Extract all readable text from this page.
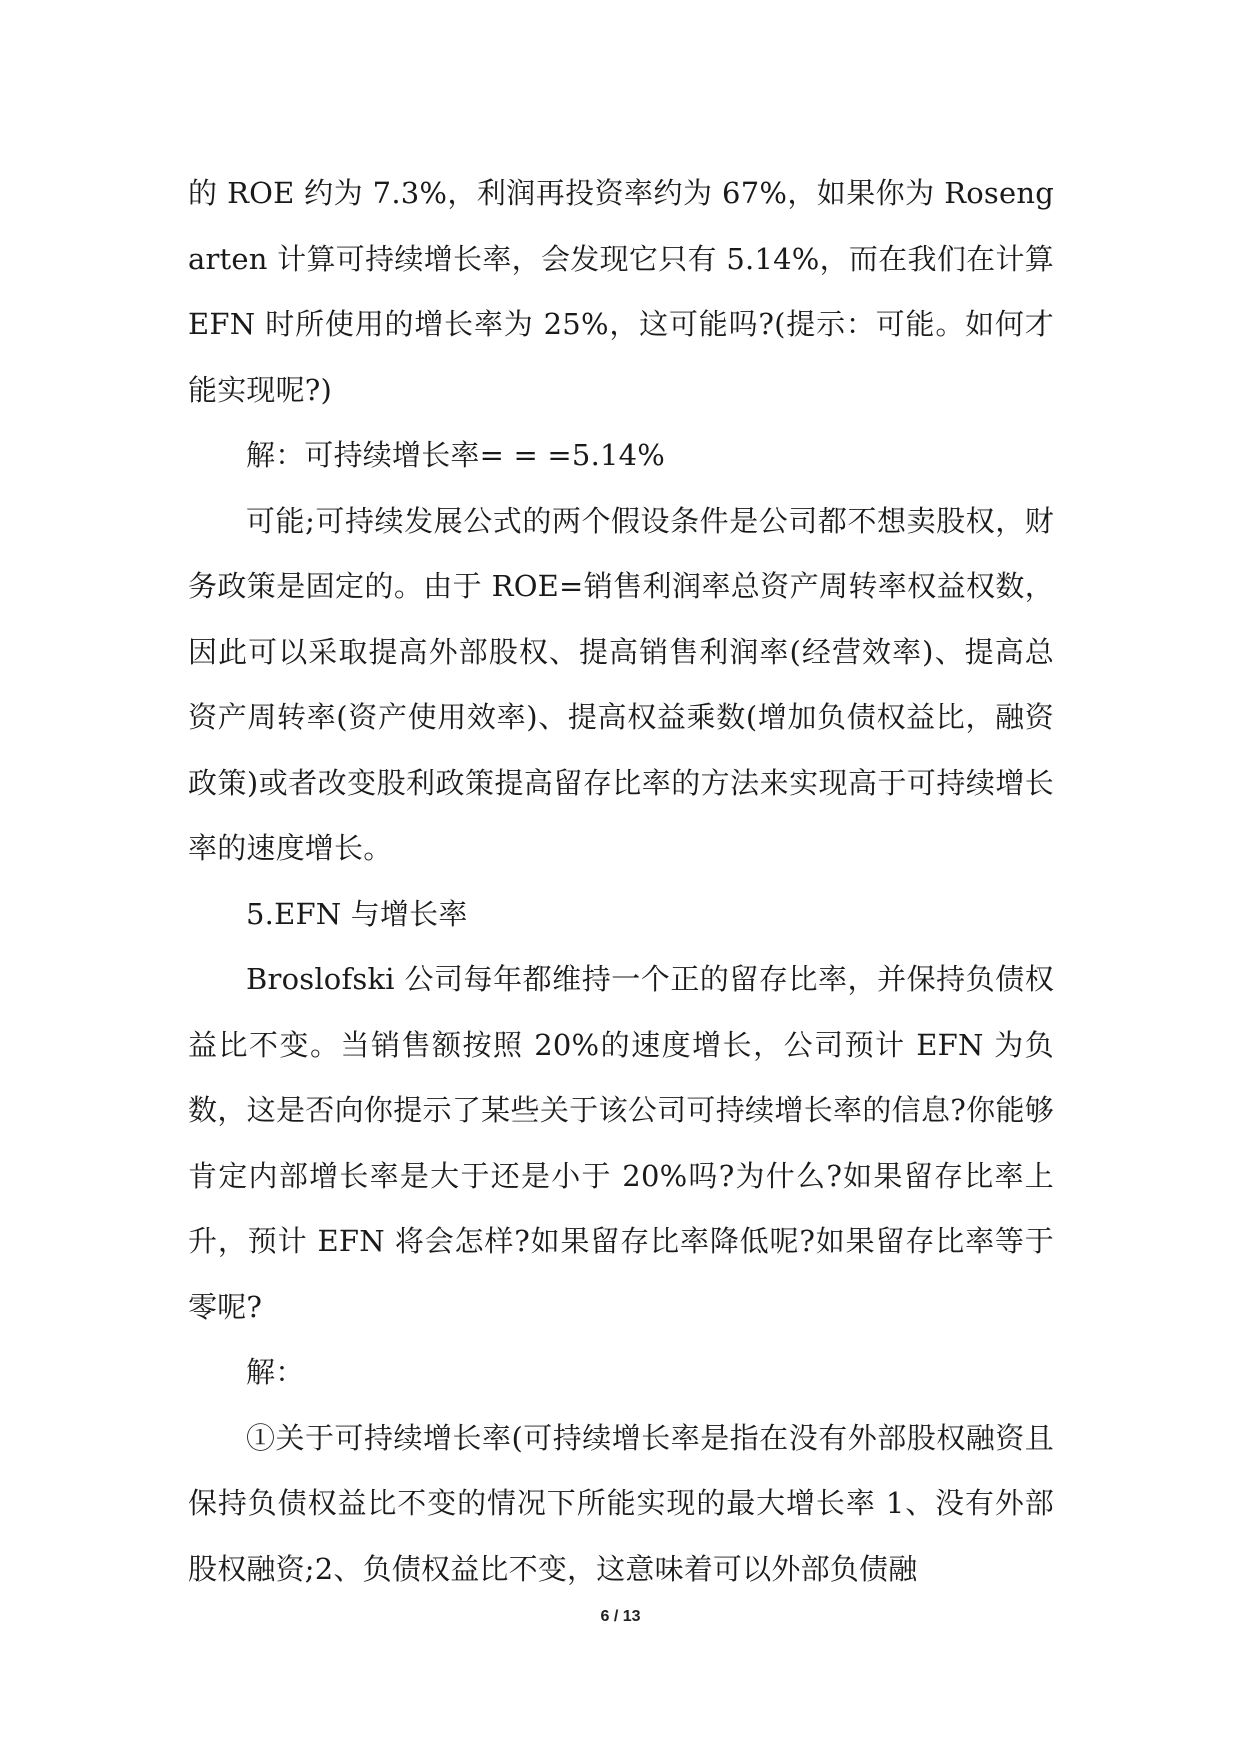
的 ROE 约为 7.3%，利润再投资率约为 67%，如果你为 Rosengarten 计算可持续增长率，会发现它只有 5.14%，而在我们在计算 EFN 时所使用的增长率为 25%，这可能吗?(提示：可能。如何才能实现呢?)

解：可持续增长率= = =5.14%

可能;可持续发展公式的两个假设条件是公司都不想卖股权，财务政策是固定的。由于 ROE=销售利润率总资产周转率权益权数，因此可以采取提高外部股权、提高销售利润率(经营效率)、提高总资产周转率(资产使用效率)、提高权益乘数(增加负债权益比，融资政策)或者改变股利政策提高留存比率的方法来实现高于可持续增长率的速度增长。

5.EFN 与增长率

Broslofski 公司每年都维持一个正的留存比率，并保持负债权益比不变。当销售额按照 20%的速度增长，公司预计 EFN 为负数，这是否向你提示了某些关于该公司可持续增长率的信息?你能够肯定内部增长率是大于还是小于 20%吗?为什么?如果留存比率上升，预计 EFN 将会怎样?如果留存比率降低呢?如果留存比率等于零呢?

解：

①关于可持续增长率(可持续增长率是指在没有外部股权融资且保持负债权益比不变的情况下所能实现的最大增长率 1、没有外部股权融资;2、负债权益比不变，这意味着可以外部负债融

6 / 13
